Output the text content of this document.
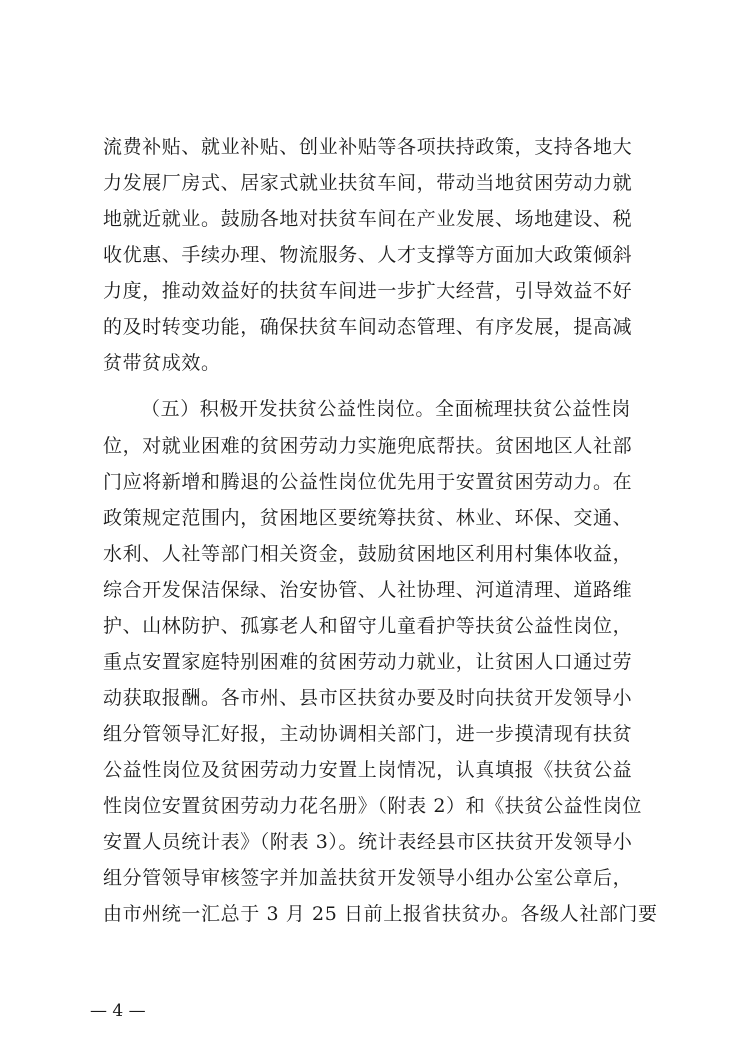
流费补贴、就业补贴、创业补贴等各项扶持政策，支持各地大
力发展厂房式、居家式就业扶贫车间，带动当地贫困劳动力就
地就近就业。鼓励各地对扶贫车间在产业发展、场地建设、税
收优惠、手续办理、物流服务、人才支撑等方面加大政策倾斜
力度，推动效益好的扶贫车间进一步扩大经营，引导效益不好
的及时转变功能，确保扶贫车间动态管理、有序发展，提高减
贫带贫成效。
（五）积极开发扶贫公益性岗位。全面梳理扶贫公益性岗
位，对就业困难的贫困劳动力实施兜底帮扶。贫困地区人社部
门应将新增和腾退的公益性岗位优先用于安置贫困劳动力。在
政策规定范围内，贫困地区要统筹扶贫、林业、环保、交通、
水利、人社等部门相关资金，鼓励贫困地区利用村集体收益，
综合开发保洁保绿、治安协管、人社协理、河道清理、道路维
护、山林防护、孤寡老人和留守儿童看护等扶贫公益性岗位，
重点安置家庭特别困难的贫困劳动力就业，让贫困人口通过劳
动获取报酬。各市州、县市区扶贫办要及时向扶贫开发领导小
组分管领导汇好报，主动协调相关部门，进一步摸清现有扶贫
公益性岗位及贫困劳动力安置上岗情况，认真填报《扶贫公益
性岗位安置贫困劳动力花名册》（附表 2）和《扶贫公益性岗位
安置人员统计表》（附表 3）。统计表经县市区扶贫开发领导小
组分管领导审核签字并加盖扶贫开发领导小组办公室公章后，
由市州统一汇总于 3 月 25 日前上报省扶贫办。各级人社部门要
— 4 —
